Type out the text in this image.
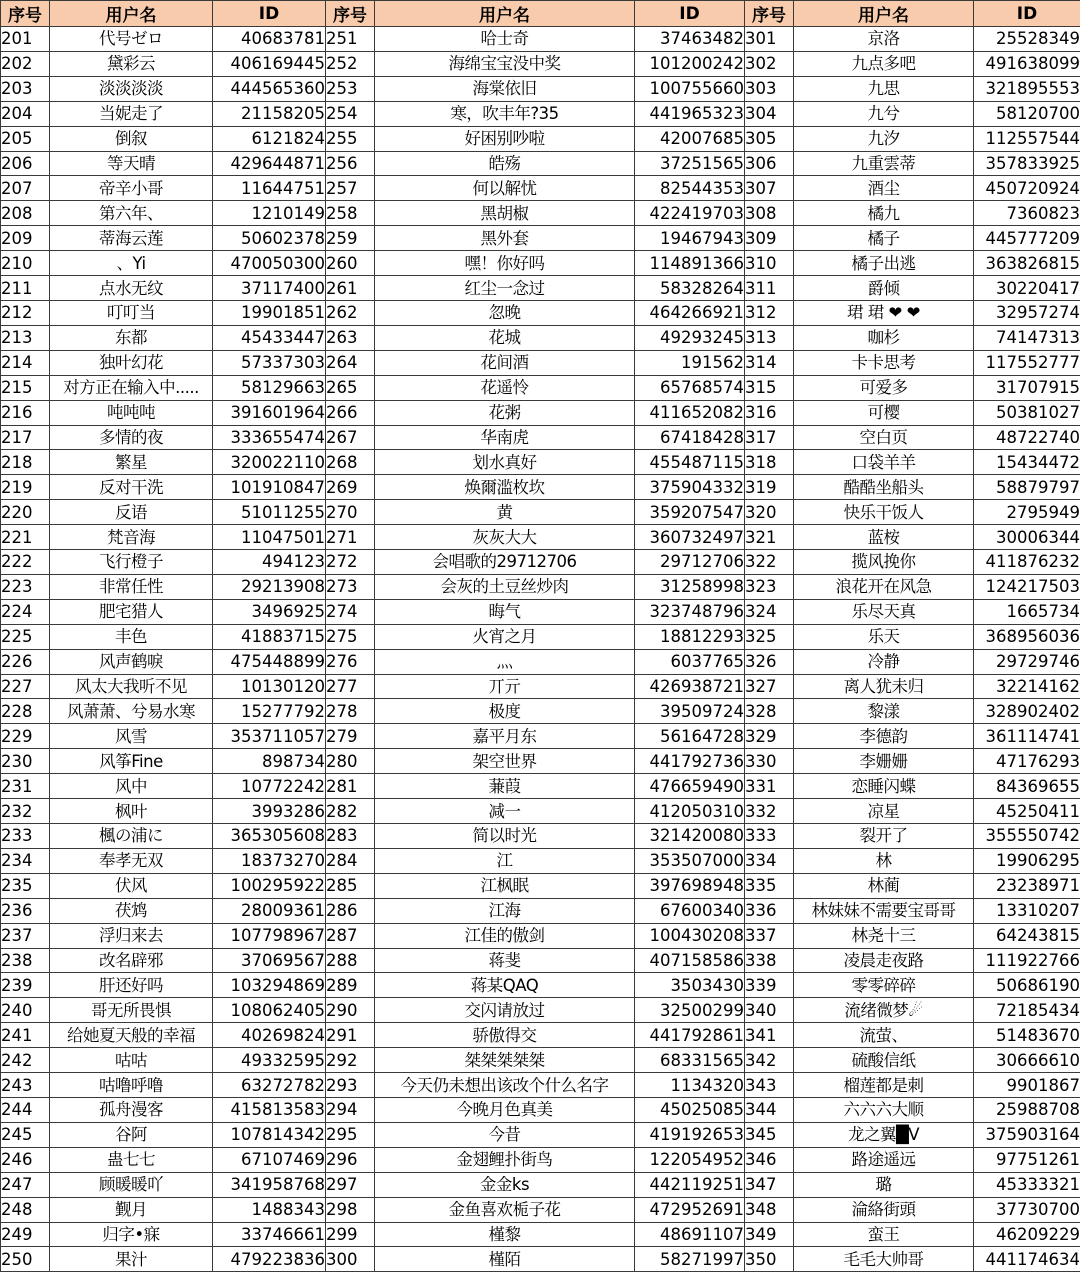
序号	用户名	ID	序号	用户名	ID	序号	用户名	ID
201	代号ゼロ	40683781	251	哈士奇	37463482	301	京洛	25528349
202	黛彩云	406169445	252	海绵宝宝没中奖	101200242	302	九点多吧	491638099
203	淡淡淡淡	444565360	253	海棠依旧	100755660	303	九思	321895553
204	当妮走了	21158205	254	寒，吹丰年?35	441965323	304	九兮	58120700
205	倒叙	6121824	255	好困别吵啦	42007685	305	九汐	112557544
206	等天晴	429644871	256	皓殇	37251565	306	九重雲蒂	357833925
207	帝辛小哥	11644751	257	何以解忧	82544353	307	酒尘	450720924
208	第六年、	1210149	258	黑胡椒	422419703	308	橘九	7360823
209	蒂海云莲	50602378	259	黑外套	19467943	309	橘子	445777209
210	、Yi	470050300	260	嘿！你好吗	114891366	310	橘子出逃	363826815
211	点水无纹	37117400	261	红尘一念过	58328264	311	爵倾	30220417
212	叮叮当	19901851	262	忽晚	464266921	312	珺 珺 ❤ ❤	32957274
213	东都	45433447	263	花城	49293245	313	咖杉	74147313
214	独叶幻花	57337303	264	花间酒	191562	314	卡卡思考	117552777
215	对方正在输入中.....	58129663	265	花遥怜	65768574	315	可爱多	31707915
216	吨吨吨	391601964	266	花粥	411652082	316	可樱	50381027
217	多情的夜	333655474	267	华南虎	67418428	317	空白页	48722740
218	繁星	320022110	268	划水真好	455487115	318	口袋羊羊	15434472
219	反对干洗	101910847	269	焕爾滥枚坎	375904332	319	酷酷坐船头	58879797
220	反语	51011255	270	黄	359207547	320	快乐干饭人	2795949
221	梵音海	11047501	271	灰灰大大	360732497	321	蓝桉	30006344
222	飞行橙子	494123	272	会唱歌的29712706	29712706	322	揽风挽你	411876232
223	非常任性	29213908	273	会灰的土豆丝炒肉	31258998	323	浪花开在风急	124217503
224	肥宅猎人	3496925	274	晦气	323748796	324	乐尽天真	1665734
225	丰色	41883715	275	火宵之月	18812293	325	乐天	368956036
226	风声鹤唳	475448899	276	灬	6037765	326	冷静	29729746
227	风太大我听不见	10130120	277	丌亓	426938721	327	离人犹未归	32214162
228	风萧萧、兮易水寒	15277792	278	极度	39509724	328	黎漾	328902402
229	风雪	353711057	279	嘉平月东	56164728	329	李德韵	361114741
230	风筝Fine	898734	280	架空世界	441792736	330	李姗姗	47176293
231	风中	10772242	281	蒹葭	476659490	331	恋睡闪蝶	84369655
232	枫叶	3993286	282	减一	412050310	332	凉星	45250411
233	楓の浦に	365305608	283	简以时光	321420080	333	裂开了	355550742
234	奉孝无双	18373270	284	江	353507000	334	林	19906295
235	伏风	100295922	285	江枫眠	397698948	335	林蔺	23238971
236	茯鸩	28009361	286	江海	67600340	336	林妹妹不需要宝哥哥	13310207
237	浮归来去	107798967	287	江佳的傲剑	100430208	337	林尧十三	64243815
238	改名辟邪	37069567	288	蒋斐	407158586	338	凌晨走夜路	111922766
239	肝还好吗	103294869	289	蒋某QAQ	3503430	339	零零碎碎	50686190
240	哥无所畏惧	108062405	290	交闪请放过	32500299	340	流绪微梦☄	72185434
241	给她夏天般的幸福	40269824	291	骄傲得交	441792861	341	流萤、	51483670
242	咕咕	49332595	292	桀桀桀桀桀	68331565	342	硫酸信纸	30666610
243	咕噜呼噜	63272782	293	今天仍未想出该改个什么名字	1134320	343	榴莲都是刺	9901867
244	孤舟漫客	415813583	294	今晚月色真美	45025085	344	六六六大顺	25988708
245	谷阿	107814342	295	今昔	419192653	345	龙之翼█V	375903164
246	蛊七七	67107469	296	金翅鲤扑街鸟	122054952	346	路途遥远	97751261
247	顾暖暖吖	341958768	297	金金ks	442119251	347	璐	45333321
248	觐月	1488343	298	金鱼喜欢栀子花	472952691	348	淪絡街頭	37730700
249	归字•寐	33746661	299	槿黎	48691107	349	蛮王	46209229
250	果汁	479223836	300	槿陌	58271997	350	毛毛大帅哥	441174634
